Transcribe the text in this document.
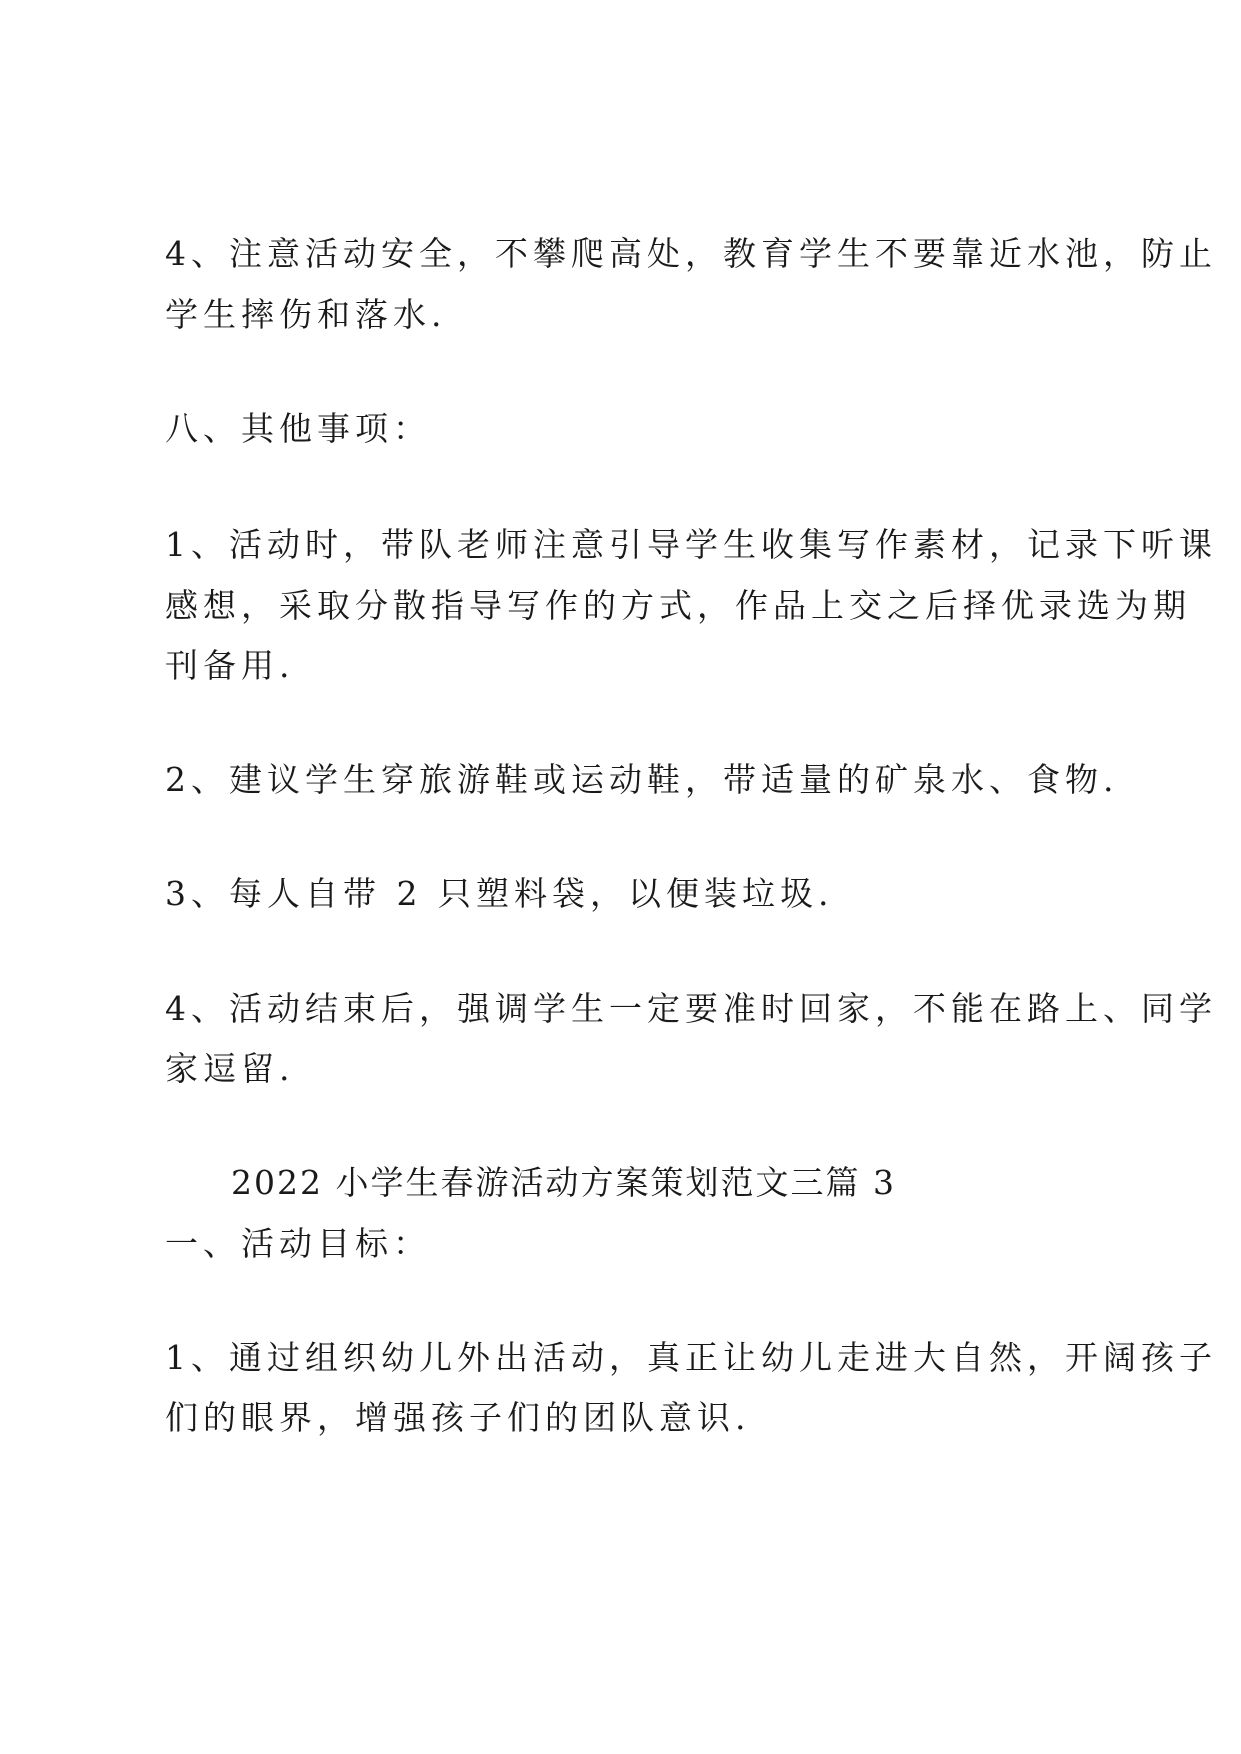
4、注意活动安全，不攀爬高处，教育学生不要靠近水池，防止
学生摔伤和落水.
八、其他事项：
1、活动时，带队老师注意引导学生收集写作素材，记录下听课
感想，采取分散指导写作的方式，作品上交之后择优录选为期
刊备用.
2、建议学生穿旅游鞋或运动鞋，带适量的矿泉水、食物.
3、每人自带 2 只塑料袋，以便装垃圾.
4、活动结束后，强调学生一定要准时回家，不能在路上、同学
家逗留.
2022 小学生春游活动方案策划范文三篇 3
一、活动目标：
1、通过组织幼儿外出活动，真正让幼儿走进大自然，开阔孩子
们的眼界，增强孩子们的团队意识.
